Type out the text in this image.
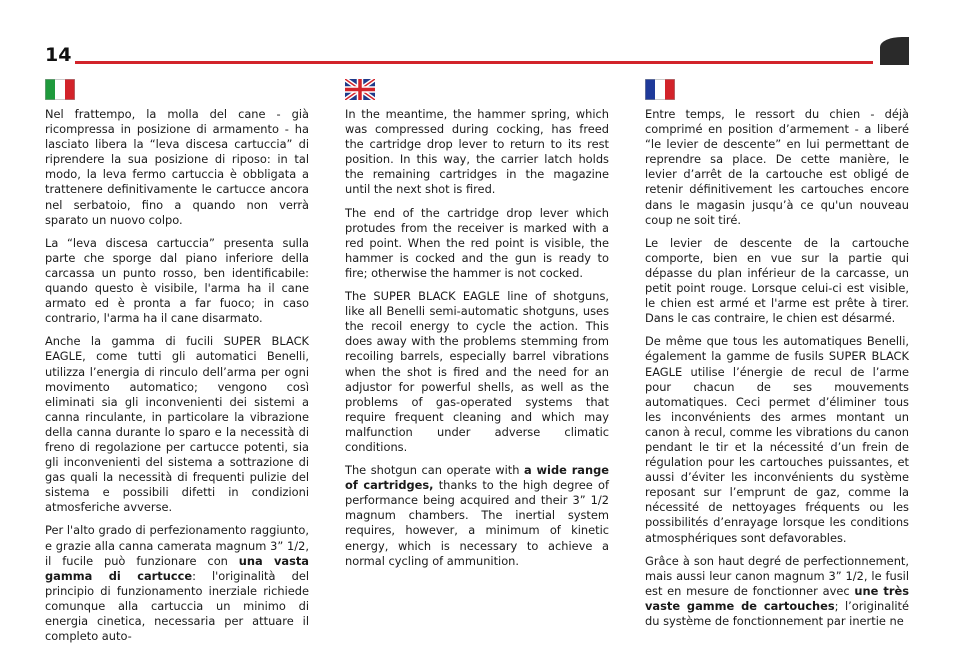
14

Nel frattempo, la molla del cane - già ricompressa in posizione di armamento - ha lasciato libera la “leva discesa cartuccia” di riprendere la sua posizione di riposo: in tal modo, la leva fermo cartuccia è obbligata a trattenere definitivamente le cartucce ancora nel serbatoio, fino a quando non verrà sparato un nuovo colpo.

La “leva discesa cartuccia” presenta sulla parte che sporge dal piano inferiore della carcassa un punto rosso, ben identificabile: quando questo è visibile, l'arma ha il cane armato ed è pronta a far fuoco; in caso contrario, l'arma ha il cane disarmato.

Anche la gamma di fucili SUPER BLACK EAGLE, come tutti gli automatici Benelli, utilizza l’energia di rinculo dell’arma per ogni movimento automatico; vengono così eliminati sia gli inconvenienti dei sistemi a canna rinculante, in particolare la vibrazione della canna durante lo sparo e la necessità di freno di regolazione per cartucce potenti, sia gli inconvenienti del sistema a sottrazione di gas quali la necessità di frequenti pulizie del sistema e possibili difetti in condizioni atmosferiche avverse.

Per l'alto grado di perfezionamento raggiunto, e grazie alla canna camerata magnum 3” 1/2, il fucile può funzionare con una vasta gamma di cartucce: l'originalità del principio di funzionamento inerziale richiede comunque alla cartuccia un minimo di energia cinetica, necessaria per attuare il completo auto-

In the meantime, the hammer spring, which was compressed during cocking, has freed the cartridge drop lever to return to its rest position. In this way, the carrier latch holds the remaining cartridges in the magazine until the next shot is fired.

The end of the cartridge drop lever which protudes from the receiver is marked with a red point. When the red point is visible, the hammer is cocked and the gun is ready to fire; otherwise the hammer is not cocked.

The SUPER BLACK EAGLE line of shotguns, like all Benelli semi-automatic shotguns, uses the recoil energy to cycle the action. This does away with the problems stemming from recoiling barrels, especially barrel vibrations when the shot is fired and the need for an adjustor for powerful shells, as well as the problems of gas-operated systems that require frequent cleaning and which may malfunction under adverse climatic conditions.

The shotgun can operate with a wide range of cartridges, thanks to the high degree of performance being acquired and their 3” 1/2 magnum chambers. The inertial system requires, however, a minimum of kinetic energy, which is necessary to achieve a normal cycling of ammunition.

Entre temps, le ressort du chien - déjà comprimé en position d’armement - a liberé “le levier de descente” en lui permettant de reprendre sa place. De cette manière, le levier d’arrêt de la cartouche est obligé de retenir définitivement les cartouches encore dans le magasin jusqu’à ce qu'un nouveau coup ne soit tiré.

Le levier de descente de la cartouche comporte, bien en vue sur la partie qui dépasse du plan inférieur de la carcasse, un petit point rouge. Lorsque celui-ci est visible, le chien est armé et l'arme est prête à tirer. Dans le cas contraire, le chien est désarmé.

De même que tous les automatiques Benelli, également la gamme de fusils SUPER BLACK EAGLE utilise l’énergie de recul de l’arme pour chacun de ses mouvements automatiques. Ceci permet d’éliminer tous les inconvénients des armes montant un canon à recul, comme les vibrations du canon pendant le tir et la nécessité d’un frein de régulation pour les cartouches puissantes, et aussi d’éviter les inconvénients du système reposant sur l’emprunt de gaz, comme la nécessité de nettoyages fréquents ou les possibilités d’enrayage lorsque les conditions atmosphériques sont defavorables.

Grâce à son haut degré de perfectionnement, mais aussi leur canon magnum 3” 1/2, le fusil est en mesure de fonctionner avec une très vaste gamme de cartouches; l’originalité du système de fonctionnement par inertie ne
